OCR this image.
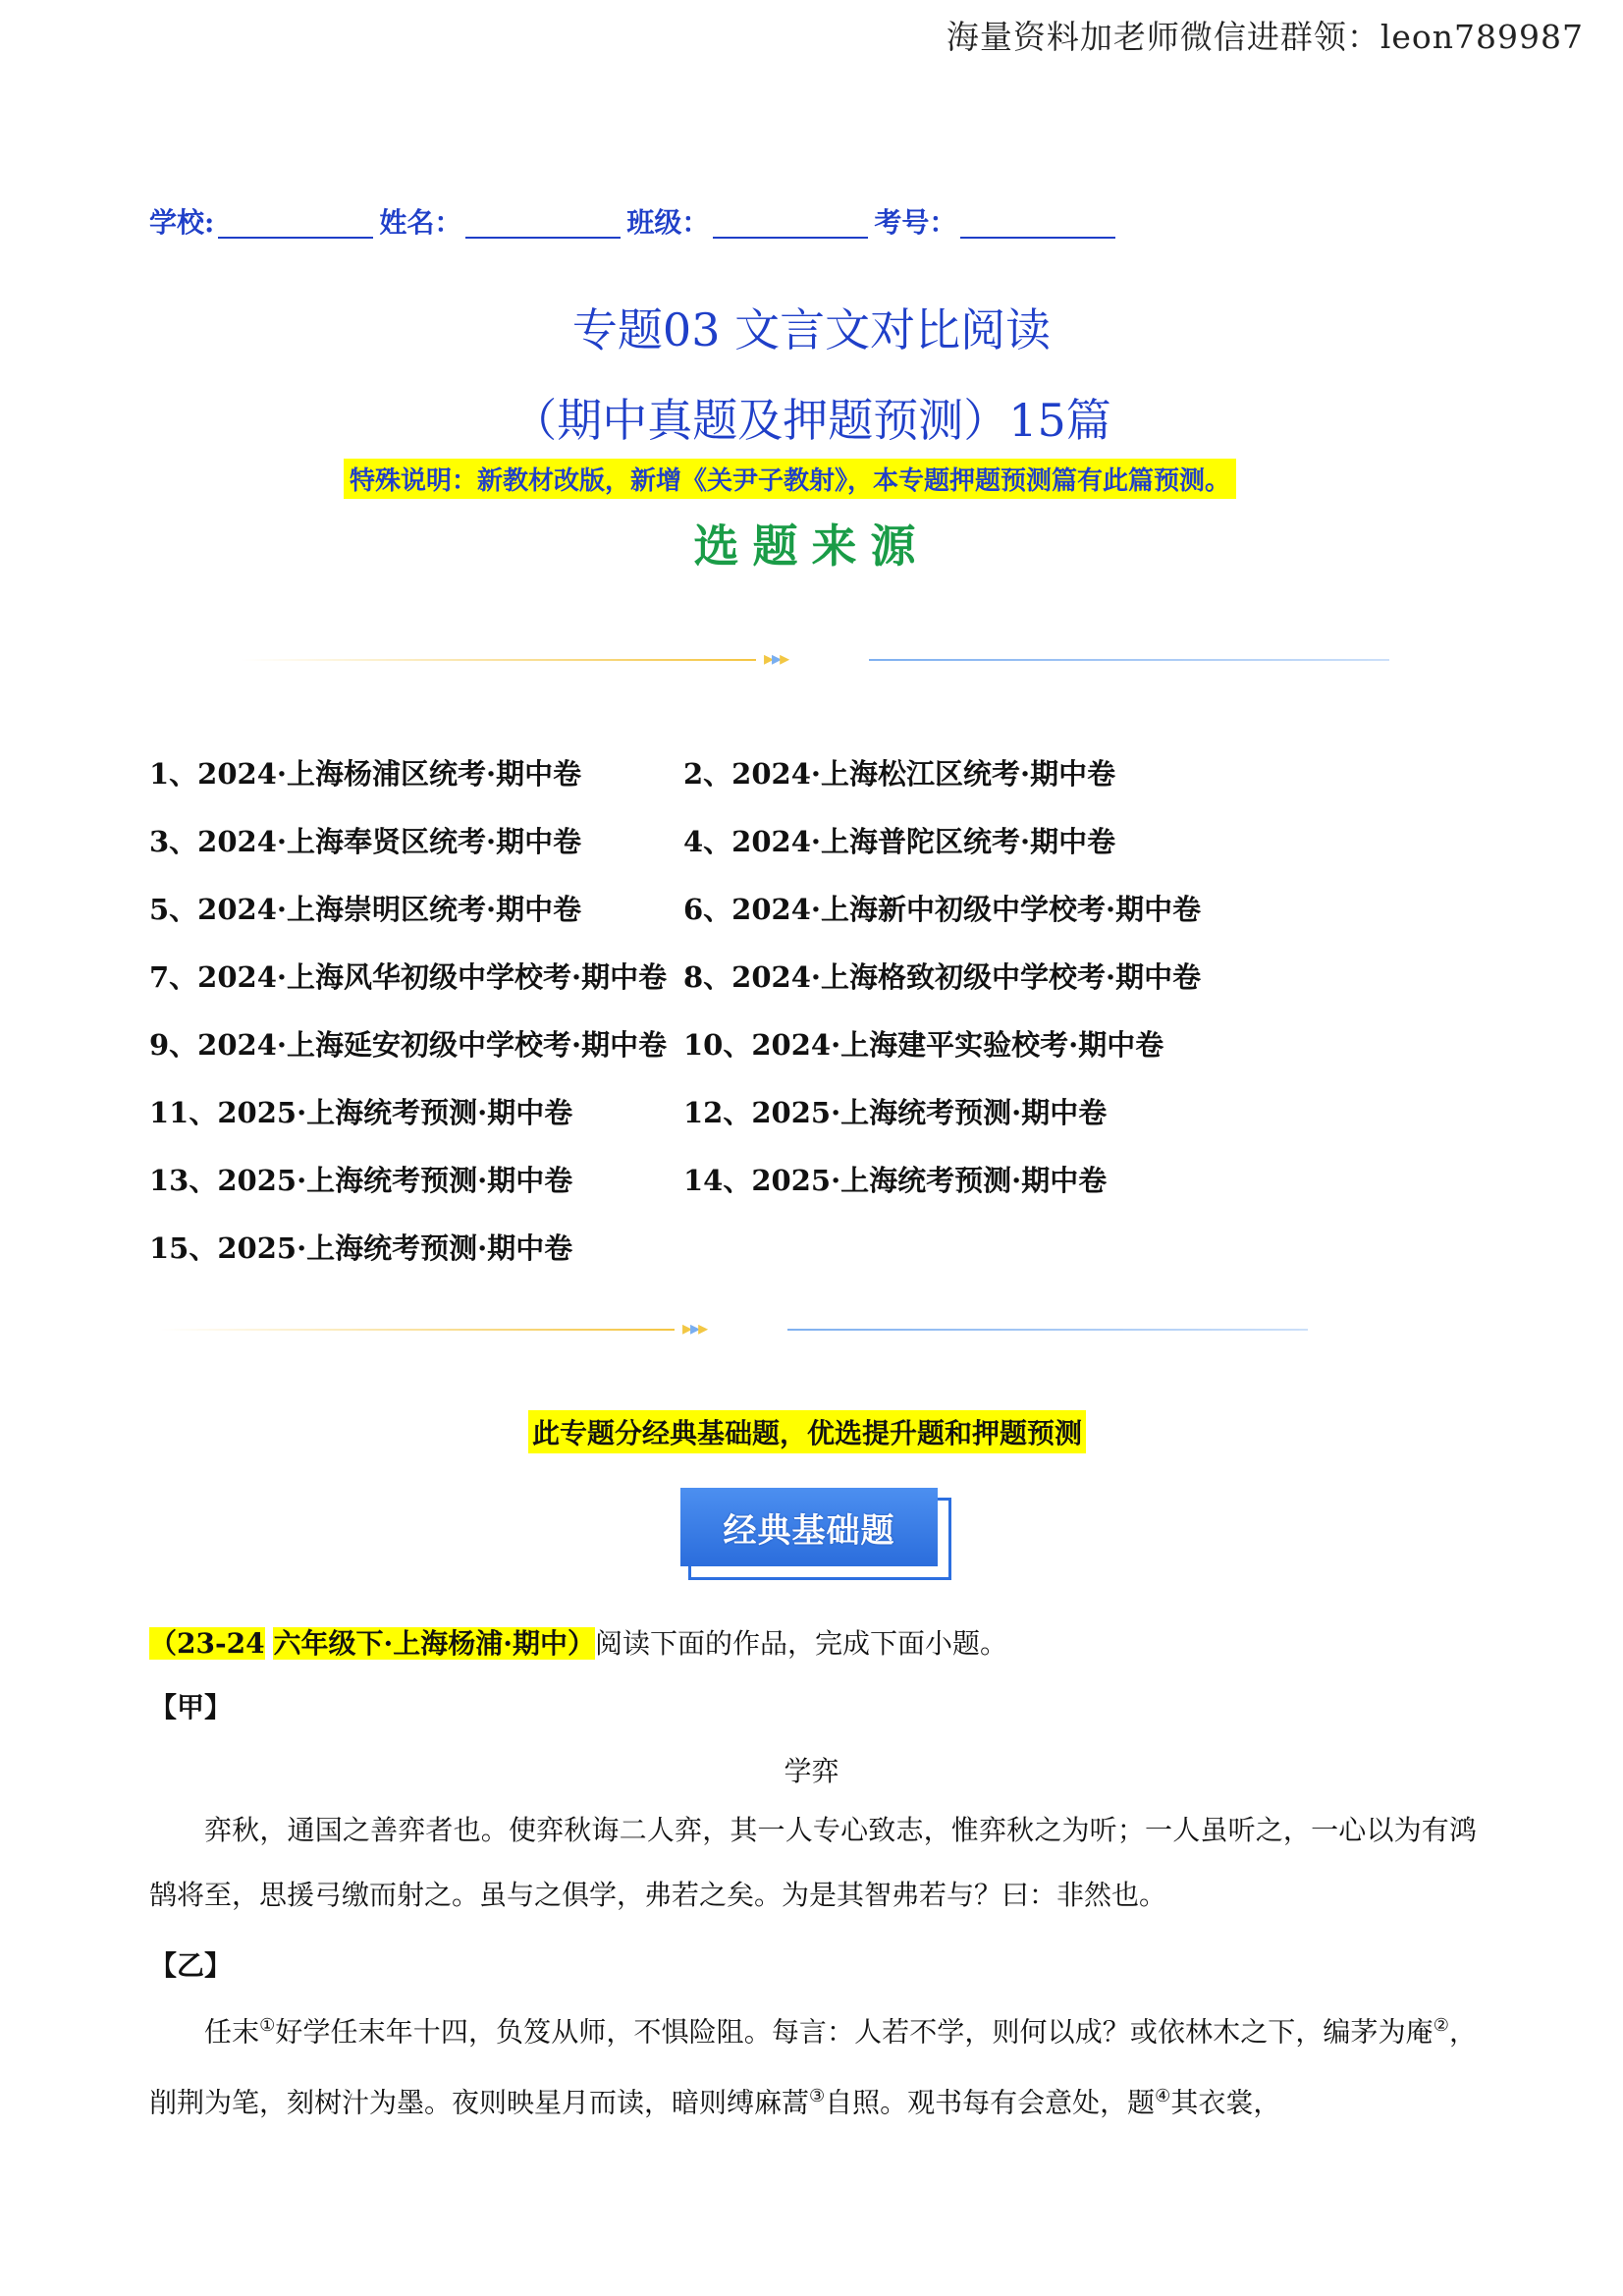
海量资料加老师微信进群领：leon789987
学校:	姓名：	班级：	考号：
专题03 文言文对比阅读
（期中真题及押题预测）15篇
特殊说明：新教材改版，新增《关尹子教射》，本专题押题预测篇有此篇预测。
选题来源
▸▸▸
1、2024·上海杨浦区统考·期中卷	2、2024·上海松江区统考·期中卷
3、2024·上海奉贤区统考·期中卷	4、2024·上海普陀区统考·期中卷
5、2024·上海崇明区统考·期中卷	6、2024·上海新中初级中学校考·期中卷
7、2024·上海风华初级中学校考·期中卷 8、2024·上海格致初级中学校考·期中卷
9、2024·上海延安初级中学校考·期中卷 10、2024·上海建平实验校考·期中卷
11、2025·上海统考预测·期中卷	12、2025·上海统考预测·期中卷
13、2025·上海统考预测·期中卷	14、2025·上海统考预测·期中卷
15、2025·上海统考预测·期中卷
▸▸▸
此专题分经典基础题，优选提升题和押题预测
经典基础题
（23-24 六年级下·上海杨浦·期中）阅读下面的作品，完成下面小题。
【甲】
学弈
弈秋，通国之善弈者也。使弈秋诲二人弈，其一人专心致志，惟弈秋之为听；一人虽听之，一心以为有鸿鹄将至，思援弓缴而射之。虽与之俱学，弗若之矣。为是其智弗若与？曰：非然也。
【乙】
任末①好学任末年十四，负笈从师，不惧险阻。每言：人若不学，则何以成？或依林木之下，编茅为庵②，削荆为笔，刻树汁为墨。夜则映星月而读，暗则缚麻蒿③自照。观书每有会意处，题④其衣裳，
